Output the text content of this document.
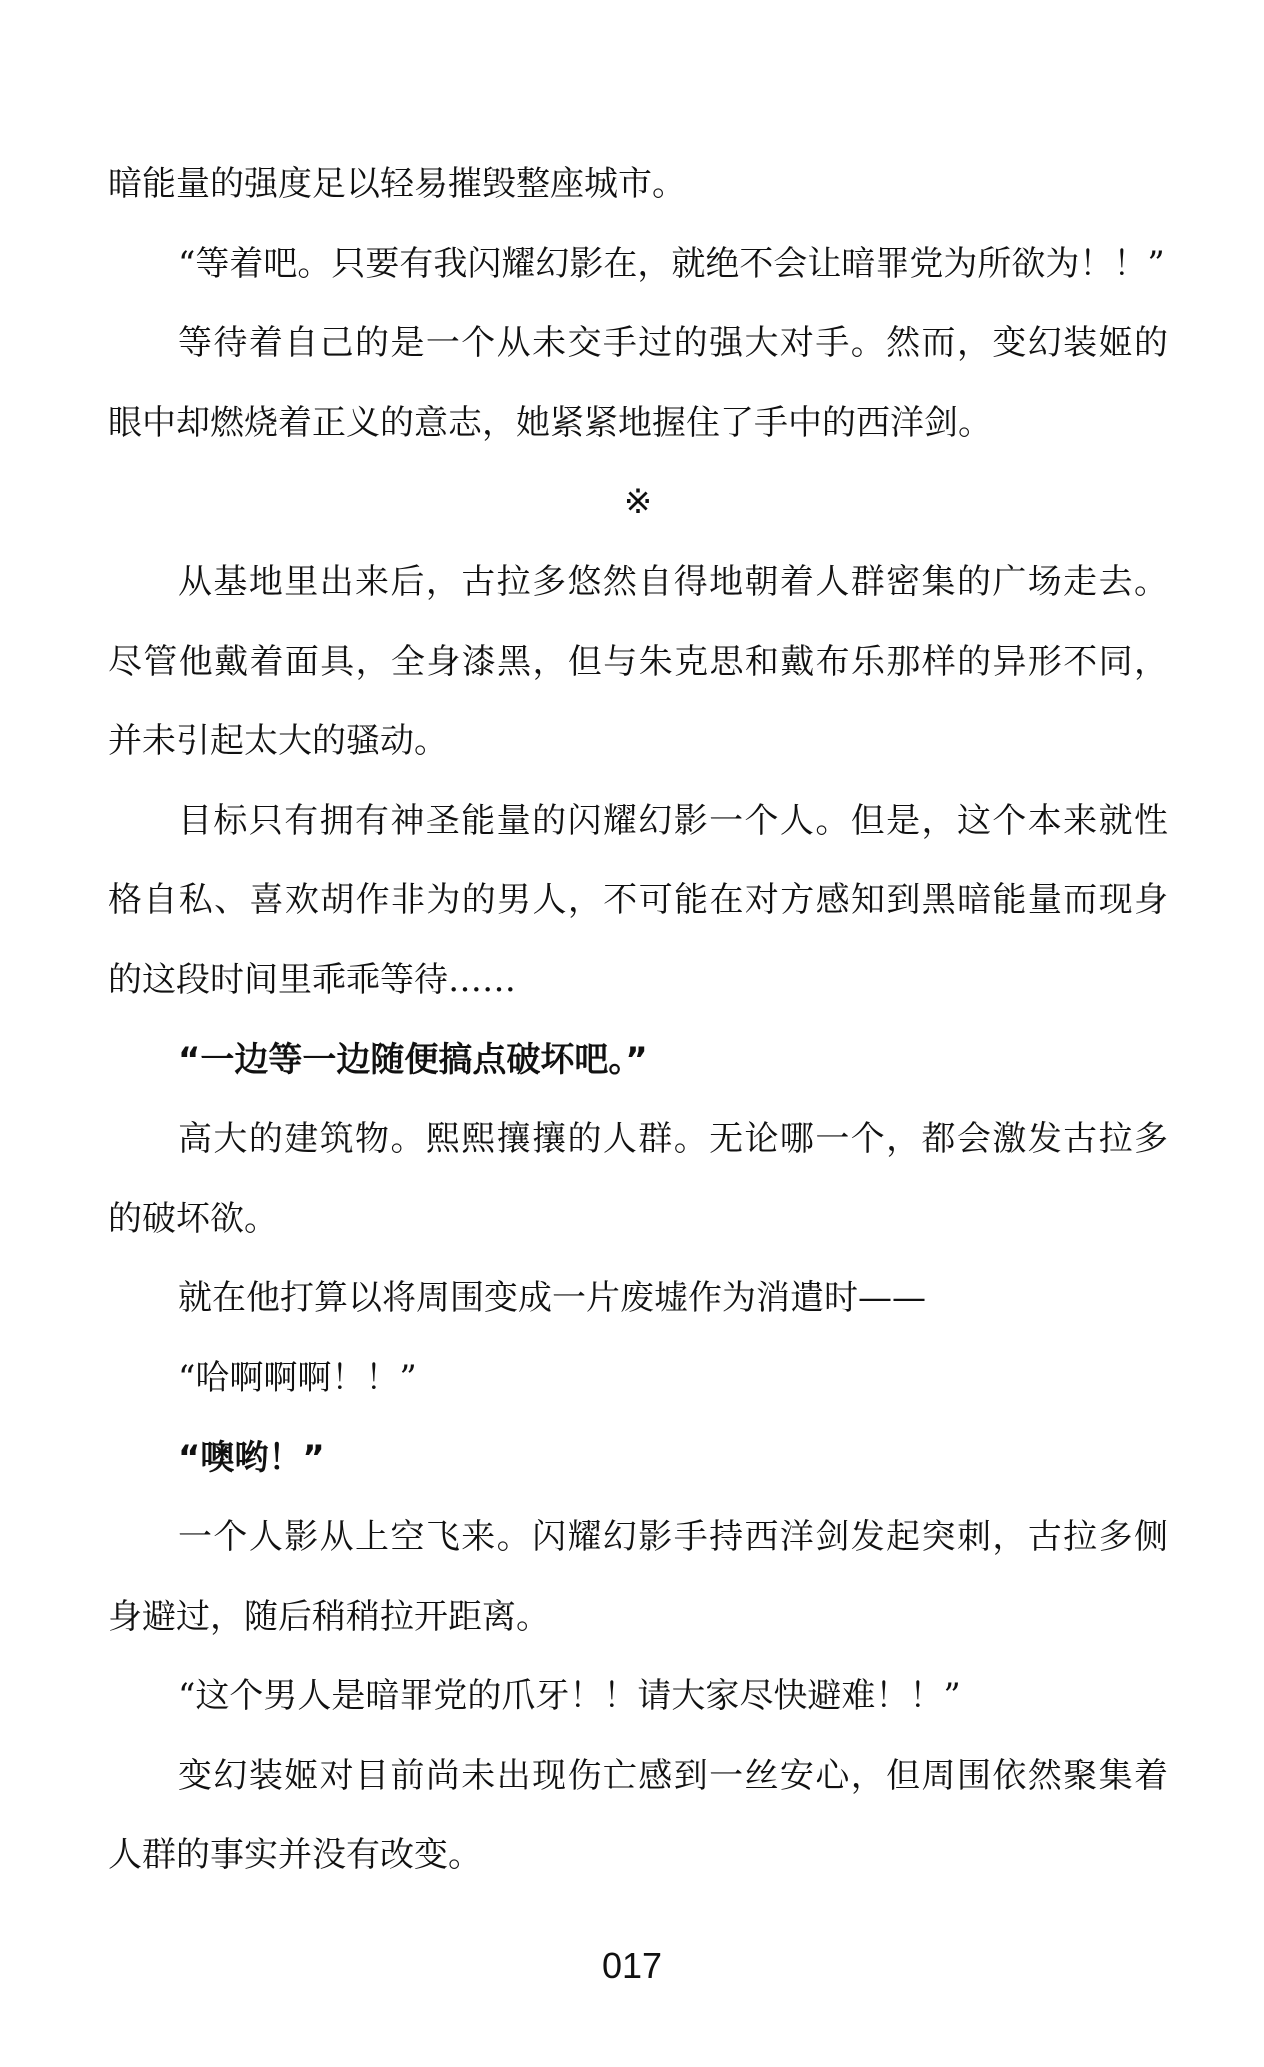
暗能量的强度足以轻易摧毁整座城市。

“等着吧。只要有我闪耀幻影在，就绝不会让暗罪党为所欲为！！”

等待着自己的是一个从未交手过的强大对手。然而，变幻装姬的

眼中却燃烧着正义的意志，她紧紧地握住了手中的西洋剑。

※

从基地里出来后，古拉多悠然自得地朝着人群密集的广场走去。

尽管他戴着面具，全身漆黑，但与朱克思和戴布乐那样的异形不同，

并未引起太大的骚动。

目标只有拥有神圣能量的闪耀幻影一个人。但是，这个本来就性

格自私、喜欢胡作非为的男人，不可能在对方感知到黑暗能量而现身

的这段时间里乖乖等待……

“一边等一边随便搞点破坏吧。”

高大的建筑物。熙熙攘攘的人群。无论哪一个，都会激发古拉多

的破坏欲。

就在他打算以将周围变成一片废墟作为消遣时——

“哈啊啊啊！！”

“噢哟！”

一个人影从上空飞来。闪耀幻影手持西洋剑发起突刺，古拉多侧

身避过，随后稍稍拉开距离。

“这个男人是暗罪党的爪牙！！请大家尽快避难！！”

变幻装姬对目前尚未出现伤亡感到一丝安心，但周围依然聚集着

人群的事实并没有改变。

017
